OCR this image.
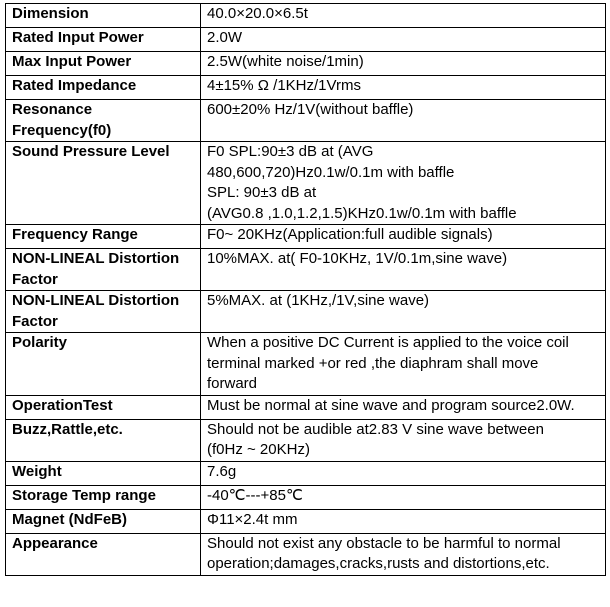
Dimension	40.0×20.0×6.5t

Rated Input Power	2.0W

Max Input Power	2.5W(white noise/1min)

Rated Impedance	4±15% Ω /1KHz/1Vrms

Resonance
Frequency(f0)	600±20% Hz/1V(without baffle)

Sound Pressure Level	F0 SPL:90±3 dB at (AVG
480,600,720)Hz0.1w/0.1m with baffle
SPL: 90±3 dB at
(AVG0.8 ,1.0,1.2,1.5)KHz0.1w/0.1m with baffle

Frequency Range	F0~ 20KHz(Application:full audible signals)

NON-LINEAL Distortion
Factor	10%MAX. at( F0-10KHz, 1V/0.1m,sine wave)

NON-LINEAL Distortion
Factor	5%MAX. at (1KHz,/1V,sine wave)

Polarity	When a positive DC Current is applied to the voice coil
terminal marked +or red ,the diaphram shall move
forward

OperationTest	Must be normal at sine wave and program source2.0W.

Buzz,Rattle,etc.	Should not be audible at2.83 V sine wave between
(f0Hz ~ 20KHz)

Weight	7.6g

Storage Temp range	-40℃---+85℃

Magnet (NdFeB)	Φ11×2.4t mm

Appearance	Should not exist any obstacle to be harmful to normal
operation;damages,cracks,rusts and distortions,etc.
